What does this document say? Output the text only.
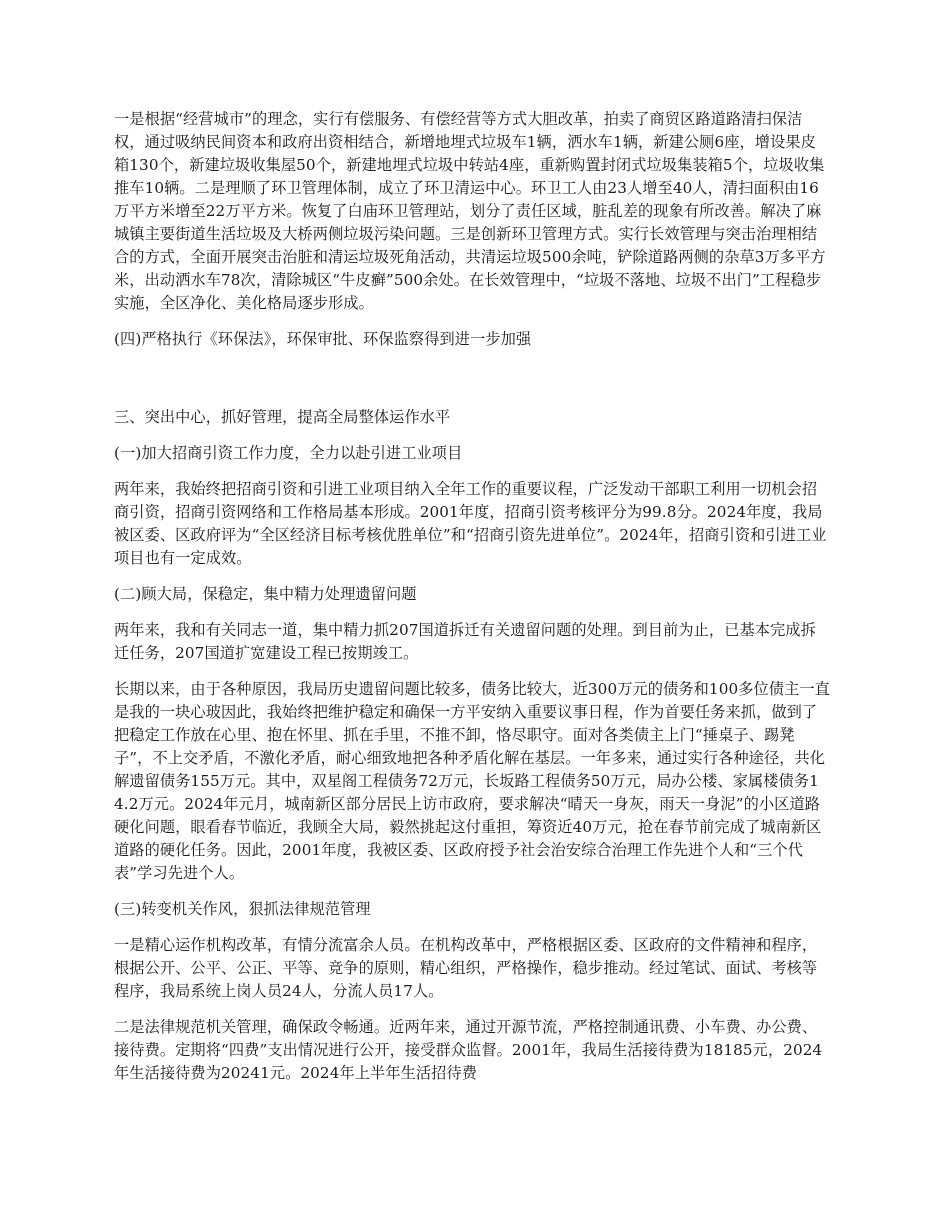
一是根据“经营城市”的理念，实行有偿服务、有偿经营等方式大胆改革，拍卖了商贸区路道路清扫保洁权，通过吸纳民间资本和政府出资相结合，新增地埋式垃圾车1辆，洒水车1辆，新建公厕6座，增设果皮箱130个，新建垃圾收集屋50个，新建地埋式垃圾中转站4座，重新购置封闭式垃圾集装箱5个，垃圾收集推车10辆。二是理顺了环卫管理体制，成立了环卫清运中心。环卫工人由23人增至40人，清扫面积由16万平方米增至22万平方米。恢复了白庙环卫管理站，划分了责任区域，脏乱差的现象有所改善。解决了麻城镇主要街道生活垃圾及大桥两侧垃圾污染问题。三是创新环卫管理方式。实行长效管理与突击治理相结合的方式，全面开展突击治脏和清运垃圾死角活动，共清运垃圾500余吨，铲除道路两侧的杂草3万多平方米，出动洒水车78次，清除城区“牛皮癣”500余处。在长效管理中，“垃圾不落地、垃圾不出门”工程稳步实施，全区净化、美化格局逐步形成。

(四)严格执行《环保法》，环保审批、环保监察得到进一步加强

三、突出中心，抓好管理，提高全局整体运作水平

(一)加大招商引资工作力度，全力以赴引进工业项目

两年来，我始终把招商引资和引进工业项目纳入全年工作的重要议程，广泛发动干部职工利用一切机会招商引资，招商引资网络和工作格局基本形成。2001年度，招商引资考核评分为99.8分。2024年度，我局被区委、区政府评为“全区经济目标考核优胜单位”和“招商引资先进单位”。2024年，招商引资和引进工业项目也有一定成效。

(二)顾大局，保稳定，集中精力处理遗留问题

两年来，我和有关同志一道，集中精力抓207国道拆迁有关遗留问题的处理。到目前为止，已基本完成拆迁任务，207国道扩宽建设工程已按期竣工。

长期以来，由于各种原因，我局历史遗留问题比较多，债务比较大，近300万元的债务和100多位债主一直是我的一块心玻因此，我始终把维护稳定和确保一方平安纳入重要议事日程，作为首要任务来抓，做到了把稳定工作放在心里、抱在怀里、抓在手里，不推不卸，恪尽职守。面对各类债主上门“捶桌子、踢凳子”，不上交矛盾，不激化矛盾，耐心细致地把各种矛盾化解在基层。一年多来，通过实行各种途径，共化解遗留债务155万元。其中，双星阁工程债务72万元，长坂路工程债务50万元，局办公楼、家属楼债务14.2万元。2024年元月，城南新区部分居民上访市政府，要求解决“晴天一身灰，雨天一身泥”的小区道路硬化问题，眼看春节临近，我顾全大局，毅然挑起这付重担，筹资近40万元，抢在春节前完成了城南新区道路的硬化任务。因此，2001年度，我被区委、区政府授予社会治安综合治理工作先进个人和“三个代表”学习先进个人。

(三)转变机关作风，狠抓法律规范管理

一是精心运作机构改革，有情分流富余人员。在机构改革中，严格根据区委、区政府的文件精神和程序，根据公开、公平、公正、平等、竞争的原则，精心组织，严格操作，稳步推动。经过笔试、面试、考核等程序，我局系统上岗人员24人，分流人员17人。

二是法律规范机关管理，确保政令畅通。近两年来，通过开源节流，严格控制通讯费、小车费、办公费、接待费。定期将“四费”支出情况进行公开，接受群众监督。2001年，我局生活接待费为18185元，2024年生活接待费为20241元。2024年上半年生活招待费
